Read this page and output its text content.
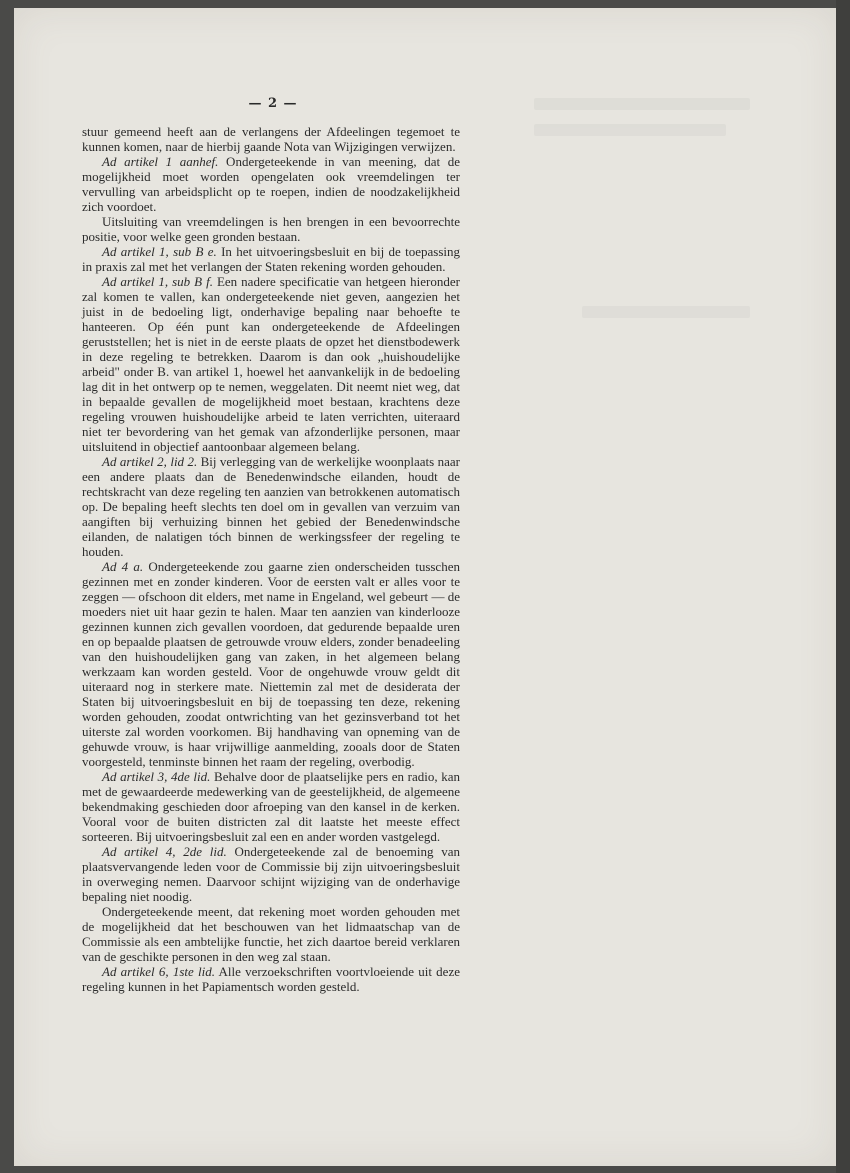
— 2 —

stuur gemeend heeft aan de verlangens der Afdeelingen tegemoet te kunnen komen, naar de hierbij gaande Nota van Wijzigingen verwijzen.

Ad artikel 1 aanhef. Ondergeteekende in van meening, dat de mogelijkheid moet worden opengelaten ook vreemdelingen ter vervulling van arbeidsplicht op te roepen, indien de noodzakelijkheid zich voordoet.

Uitsluiting van vreemdelingen is hen brengen in een bevoorrechte positie, voor welke geen gronden bestaan.

Ad artikel 1, sub B e. In het uitvoeringsbesluit en bij de toepassing in praxis zal met het verlangen der Staten rekening worden gehouden.

Ad artikel 1, sub B f. Een nadere specificatie van hetgeen hieronder zal komen te vallen, kan ondergeteekende niet geven, aangezien het juist in de bedoeling ligt, onderhavige bepaling naar behoefte te hanteeren. Op één punt kan ondergeteekende de Afdeelingen geruststellen; het is niet in de eerste plaats de opzet het dienstbodewerk in deze regeling te betrekken. Daarom is dan ook „huishoudelijke arbeid" onder B. van artikel 1, hoewel het aanvankelijk in de bedoeling lag dit in het ontwerp op te nemen, weggelaten. Dit neemt niet weg, dat in bepaalde gevallen de mogelijkheid moet bestaan, krachtens deze regeling vrouwen huishoudelijke arbeid te laten verrichten, uiteraard niet ter bevordering van het gemak van afzonderlijke personen, maar uitsluitend in objectief aantoonbaar algemeen belang.

Ad artikel 2, lid 2. Bij verlegging van de werkelijke woonplaats naar een andere plaats dan de Benedenwindsche eilanden, houdt de rechtskracht van deze regeling ten aanzien van betrokkenen automatisch op. De bepaling heeft slechts ten doel om in gevallen van verzuim van aangiften bij verhuizing binnen het gebied der Benedenwindsche eilanden, de nalatigen tóch binnen de werkingssfeer der regeling te houden.

Ad 4 a. Ondergeteekende zou gaarne zien onderscheiden tusschen gezinnen met en zonder kinderen. Voor de eersten valt er alles voor te zeggen — ofschoon dit elders, met name in Engeland, wel gebeurt — de moeders niet uit haar gezin te halen. Maar ten aanzien van kinderlooze gezinnen kunnen zich gevallen voordoen, dat gedurende bepaalde uren en op bepaalde plaatsen de getrouwde vrouw elders, zonder benadeeling van den huishoudelijken gang van zaken, in het algemeen belang werkzaam kan worden gesteld. Voor de ongehuwde vrouw geldt dit uiteraard nog in sterkere mate. Niettemin zal met de desiderata der Staten bij uitvoeringsbesluit en bij de toepassing ten deze, rekening worden gehouden, zoodat ontwrichting van het gezinsverband tot het uiterste zal worden voorkomen. Bij handhaving van opneming van de gehuwde vrouw, is haar vrijwillige aanmelding, zooals door de Staten voorgesteld, tenminste binnen het raam der regeling, overbodig.

Ad artikel 3, 4de lid. Behalve door de plaatselijke pers en radio, kan met de gewaardeerde medewerking van de geestelijkheid, de algemeene bekendmaking geschieden door afroeping van den kansel in de kerken. Vooral voor de buiten districten zal dit laatste het meeste effect sorteeren. Bij uitvoeringsbesluit zal een en ander worden vastgelegd.

Ad artikel 4, 2de lid. Ondergeteekende zal de benoeming van plaatsvervangende leden voor de Commissie bij zijn uitvoeringsbesluit in overweging nemen. Daarvoor schijnt wijziging van de onderhavige bepaling niet noodig.

Ondergeteekende meent, dat rekening moet worden gehouden met de mogelijkheid dat het beschouwen van het lidmaatschap van de Commissie als een ambtelijke functie, het zich daartoe bereid verklaren van de geschikte personen in den weg zal staan.

Ad artikel 6, 1ste lid. Alle verzoekschriften voortvloeiende uit deze regeling kunnen in het Papiamentsch worden gesteld.
